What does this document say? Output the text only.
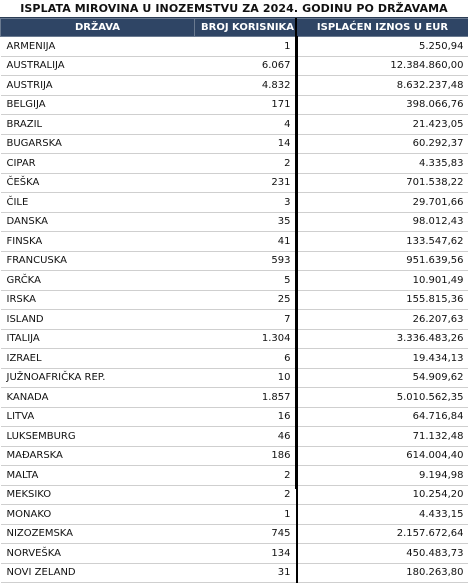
ISPLATA MIROVINA U INOZEMSTVU ZA 2024. GODINU PO DRŽAVAMA
DRŽAVA	BROJ KORISNIKA	ISPLAĆEN IZNOS U EUR
ARMENIJA	1	5.250,94
AUSTRALIJA	6.067	12.384.860,00
AUSTRIJA	4.832	8.632.237,48
BELGIJA	171	398.066,76
BRAZIL	4	21.423,05
BUGARSKA	14	60.292,37
CIPAR	2	4.335,83
ČEŠKA	231	701.538,22
ČILE	3	29.701,66
DANSKA	35	98.012,43
FINSKA	41	133.547,62
FRANCUSKA	593	951.639,56
GRČKA	5	10.901,49
IRSKA	25	155.815,36
ISLAND	7	26.207,63
ITALIJA	1.304	3.336.483,26
IZRAEL	6	19.434,13
JUŽNOAFRIČKA REP.	10	54.909,62
KANADA	1.857	5.010.562,35
LITVA	16	64.716,84
LUKSEMBURG	46	71.132,48
MAĐARSKA	186	614.004,40
MALTA	2	9.194,98
MEKSIKO	2	10.254,20
MONAKO	1	4.433,15
NIZOZEMSKA	745	2.157.672,64
NORVEŠKA	134	450.483,73
NOVI ZELAND	31	180.263,80
